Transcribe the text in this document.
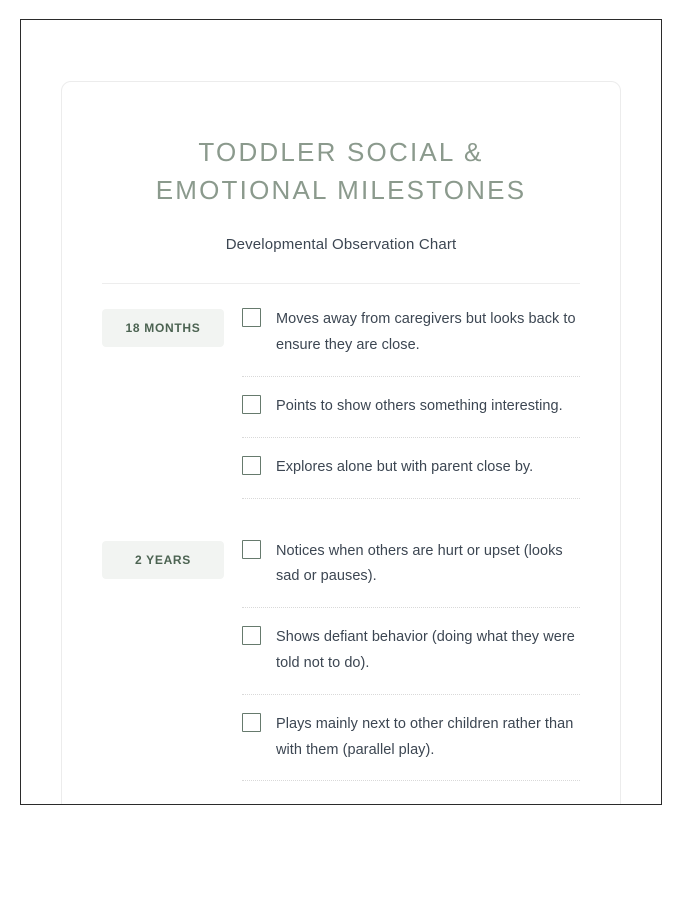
TODDLER SOCIAL & EMOTIONAL MILESTONES
Developmental Observation Chart
18 MONTHS
Moves away from caregivers but looks back to ensure they are close.
Points to show others something interesting.
Explores alone but with parent close by.
2 YEARS
Notices when others are hurt or upset (looks sad or pauses).
Shows defiant behavior (doing what they were told not to do).
Plays mainly next to other children rather than with them (parallel play).
